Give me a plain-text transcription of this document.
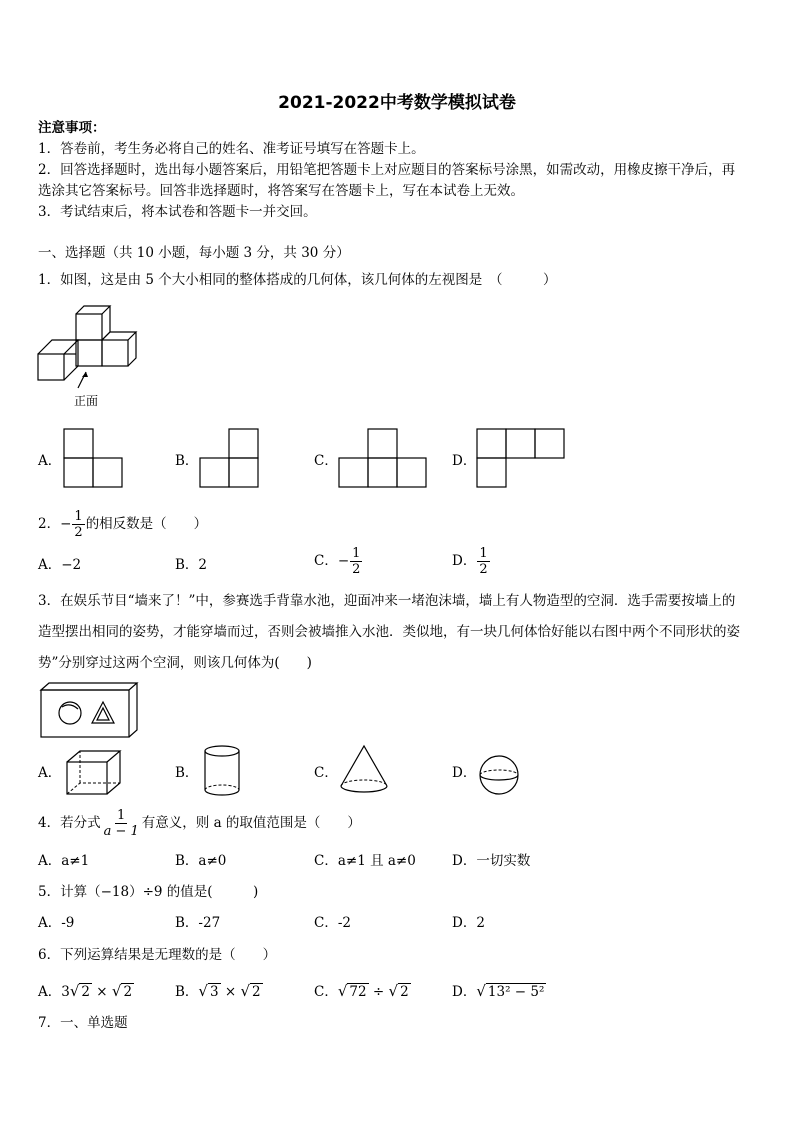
2021-2022中考数学模拟试卷
注意事项：
1．答卷前，考生务必将自己的姓名、准考证号填写在答题卡上。
2．回答选择题时，选出每小题答案后，用铅笔把答题卡上对应题目的答案标号涂黑，如需改动，用橡皮擦干净后，再
选涂其它答案标号。回答非选择题时，将答案写在答题卡上，写在本试卷上无效。
3．考试结束后，将本试卷和答题卡一并交回。
一、选择题（共 10 小题，每小题 3 分，共 30 分）
1．如图，这是由 5 个大小相同的整体搭成的几何体，该几何体的左视图是　（　　　）
正面
A．	B．	C．	D．
2．− $\frac{1}{2}$ 的相反数是（　　）
A．−2	B．2	C．− $\frac{1}{2}$	D． $\frac{1}{2}$
3．在娱乐节目“墙来了！”中，参赛选手背靠水池，迎面冲来一堵泡沫墙，墙上有人物造型的空洞．选手需要按墙上的
造型摆出相同的姿势，才能穿墙而过，否则会被墙推入水池．类似地，有一块几何体恰好能以右图中两个不同形状的姿
势”分别穿过这两个空洞，则该几何体为(　　)
A．	B．	C．	D．
4．若分式 $\frac{1}{a - 1}$ 有意义，则 a 的取值范围是（　　）
A．a≠1	B．a≠0	C．a≠1 且 a≠0	D．一切实数
5．计算（−18）÷9 的值是(　　　)
A．-9	B．-27	C．-2	D．2
6．下列运算结果是无理数的是（　　）
A．3√ 2 × √ 2	B．√ 3 × √ 2	C．√ 72 ÷ √ 2	D．√ 13² − 5²
7．一、单选题
